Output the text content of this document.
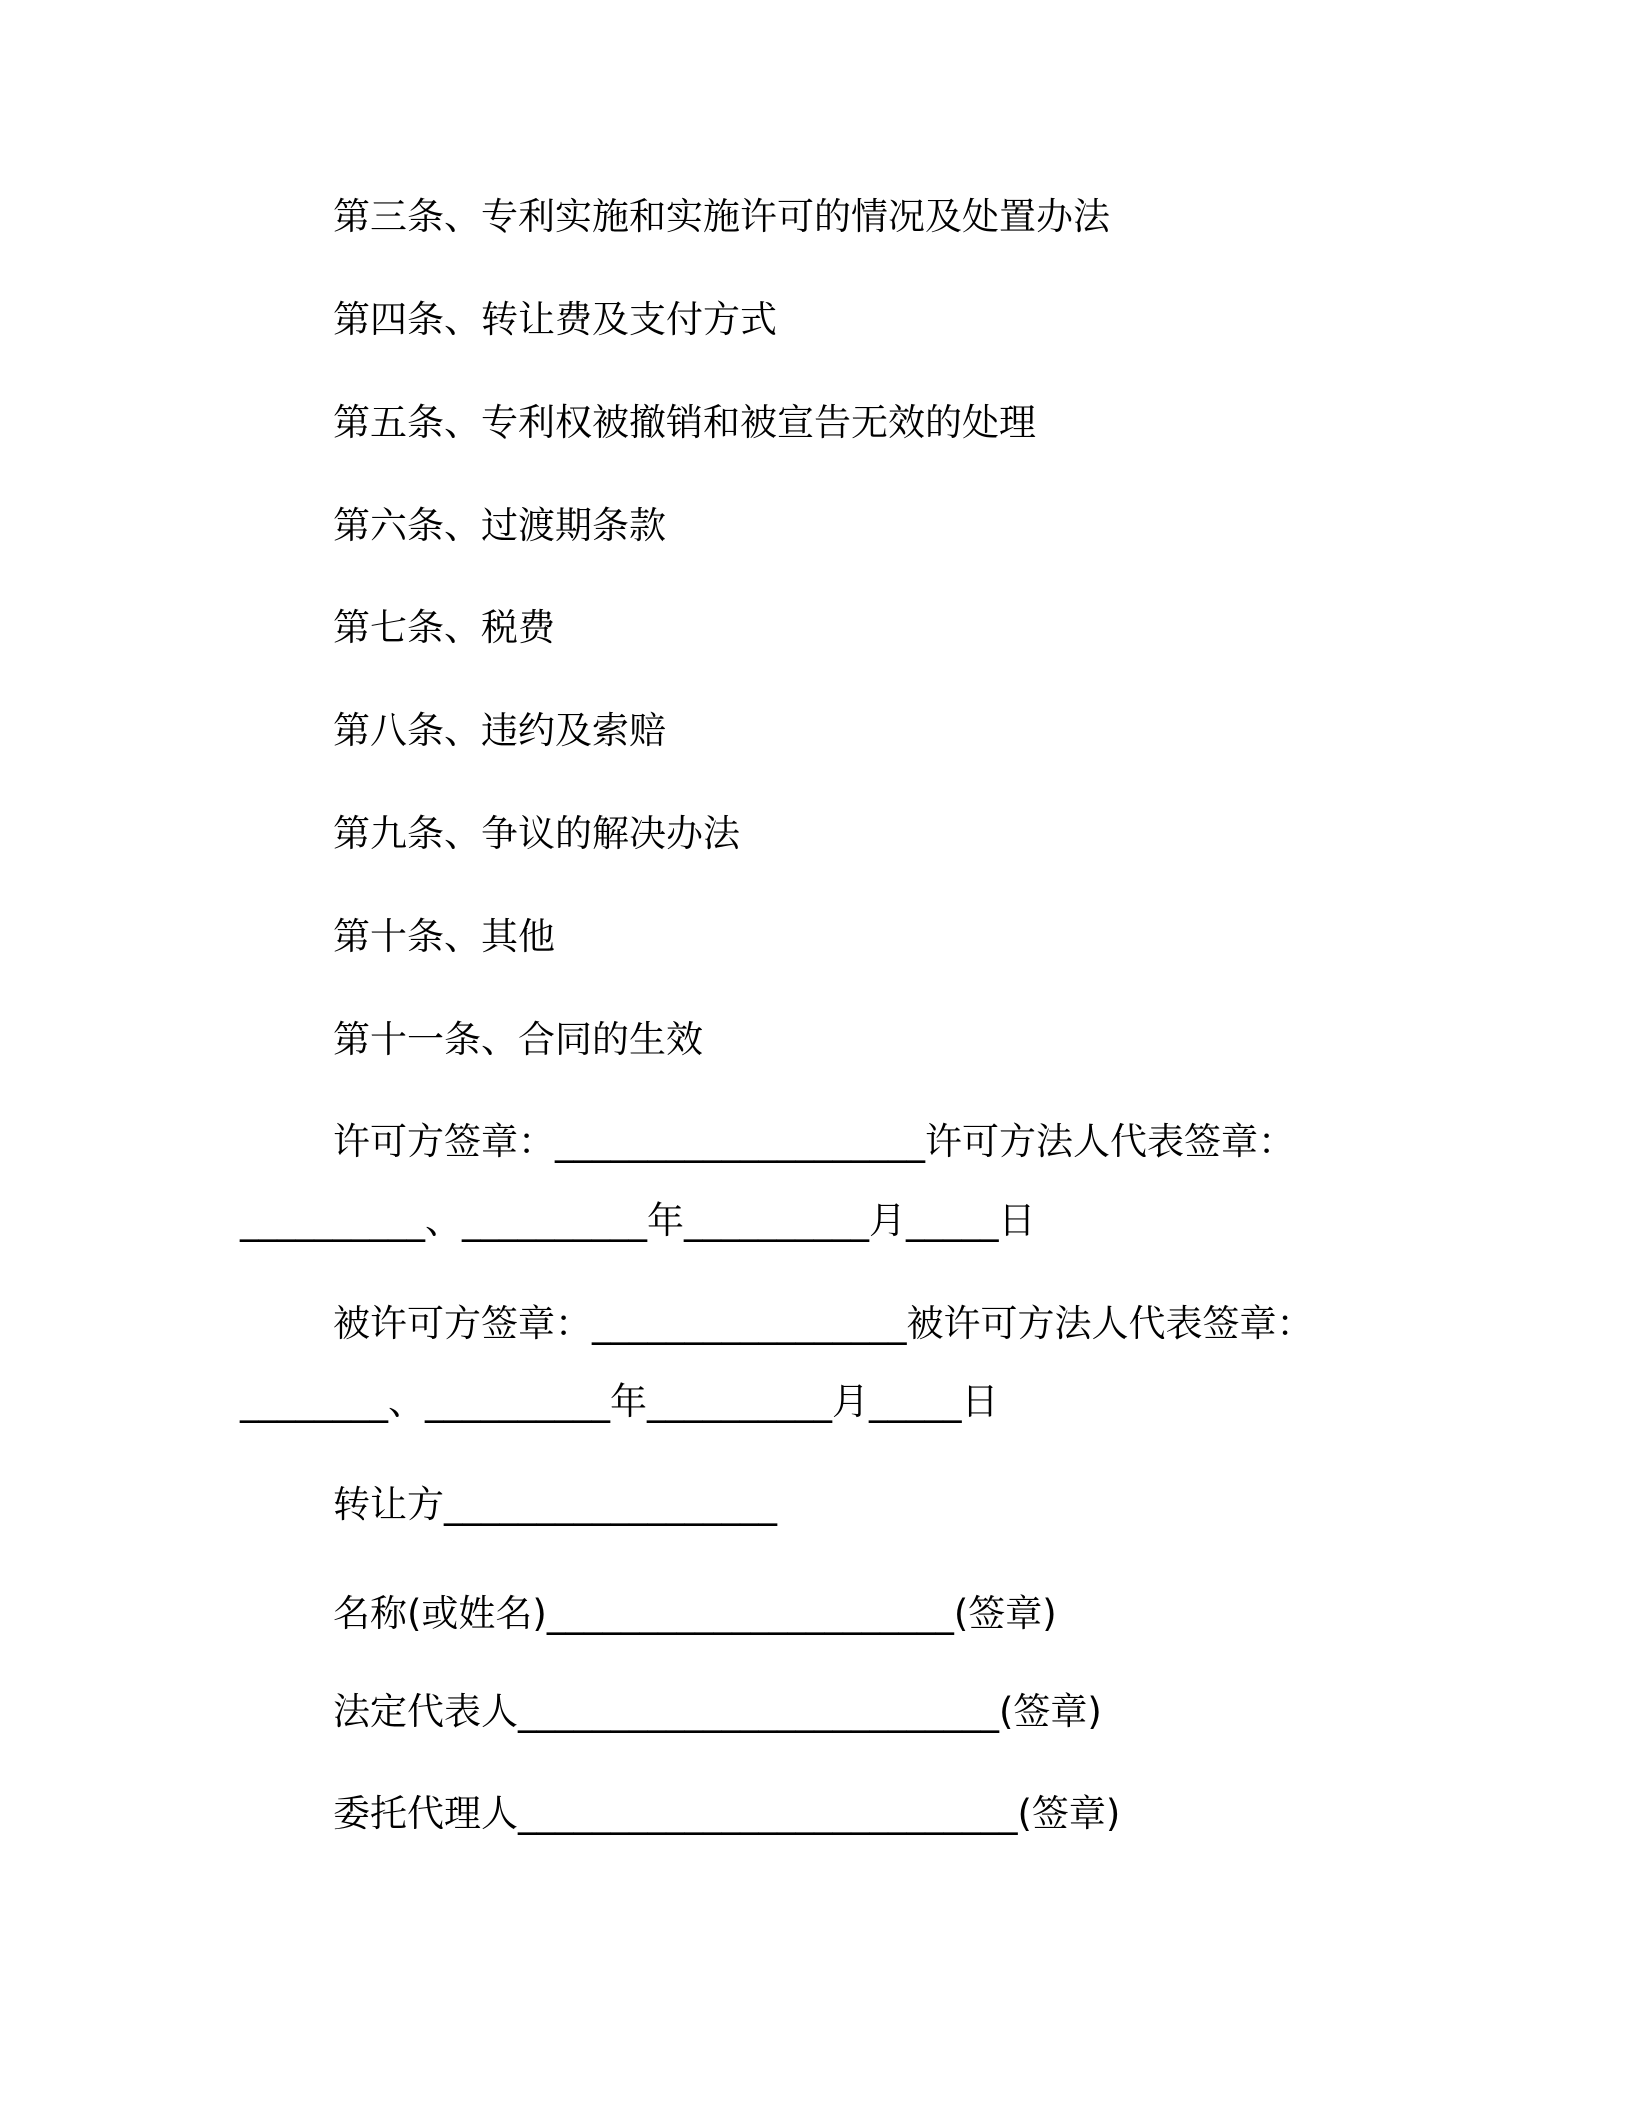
第三条、专利实施和实施许可的情况及处置办法
第四条、转让费及支付方式
第五条、专利权被撤销和被宣告无效的处理
第六条、过渡期条款
第七条、税费
第八条、违约及索赔
第九条、争议的解决办法
第十条、其他
第十一条、合同的生效
许可方签章：____________________许可方法人代表签章：
__________、__________年__________月_____日
被许可方签章：_________________被许可方法人代表签章：
________、__________年__________月_____日
转让方__________________
名称(或姓名)______________________(签章)
法定代表人__________________________(签章)
委托代理人___________________________(签章)
